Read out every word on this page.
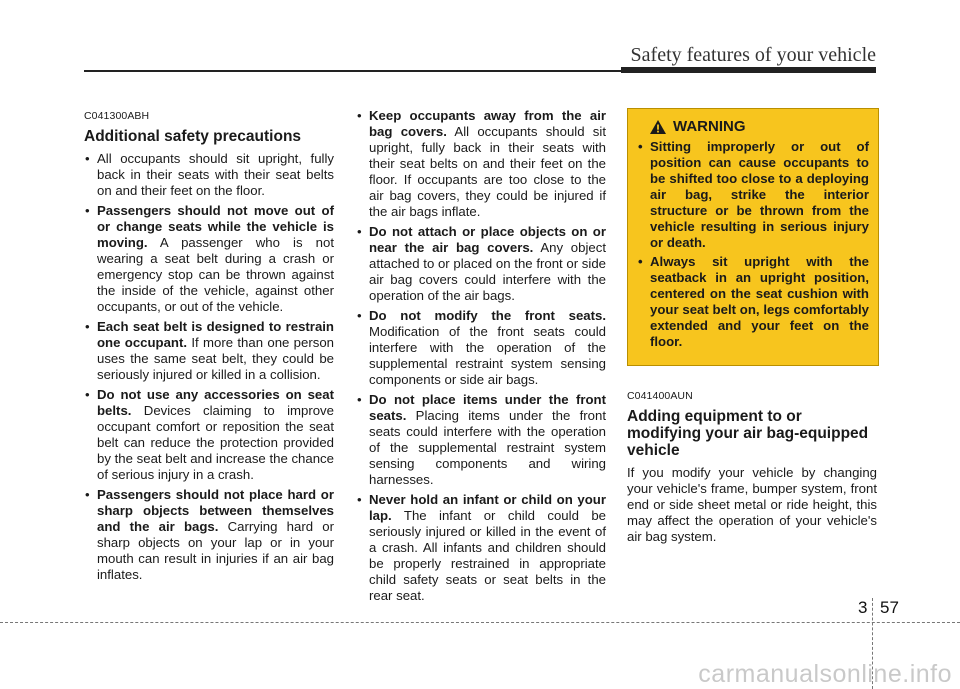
Safety features of your vehicle
C041300ABH
Additional safety precautions
• All occupants should sit upright, fully back in their seats with their seat belts on and their feet on the floor.
• Passengers should not move out of or change seats while the vehicle is moving. A passenger who is not wearing a seat belt during a crash or emergency stop can be thrown against the inside of the vehicle, against other occupants, or out of the vehicle.
• Each seat belt is designed to restrain one occupant. If more than one person uses the same seat belt, they could be seriously injured or killed in a collision.
• Do not use any accessories on seat belts. Devices claiming to improve occupant comfort or reposition the seat belt can reduce the protection provided by the seat belt and increase the chance of serious injury in a crash.
• Passengers should not place hard or sharp objects between themselves and the air bags. Carrying hard or sharp objects on your lap or in your mouth can result in injuries if an air bag inflates.
• Keep occupants away from the air bag covers. All occupants should sit upright, fully back in their seats with their seat belts on and their feet on the floor. If occupants are too close to the air bag covers, they could be injured if the air bags inflate.
• Do not attach or place objects on or near the air bag covers. Any object attached to or placed on the front or side air bag covers could interfere with the operation of the air bags.
• Do not modify the front seats. Modification of the front seats could interfere with the operation of the supplemental restraint system sensing components or side air bags.
• Do not place items under the front seats. Placing items under the front seats could interfere with the operation of the supplemental restraint system sensing components and wiring harnesses.
• Never hold an infant or child on your lap. The infant or child could be seriously injured or killed in the event of a crash. All infants and children should be properly restrained in appropriate child safety seats or seat belts in the rear seat.
WARNING
• Sitting improperly or out of position can cause occupants to be shifted too close to a deploying air bag, strike the interior structure or be thrown from the vehicle resulting in serious injury or death.
• Always sit upright with the seatback in an upright position, centered on the seat cushion with your seat belt on, legs comfortably extended and your feet on the floor.
C041400AUN
Adding equipment to or modifying your air bag-equipped vehicle
If you modify your vehicle by changing your vehicle's frame, bumper system, front end or side sheet metal or ride height, this may affect the operation of your vehicle's air bag system.
3 57
carmanualsonline.info
